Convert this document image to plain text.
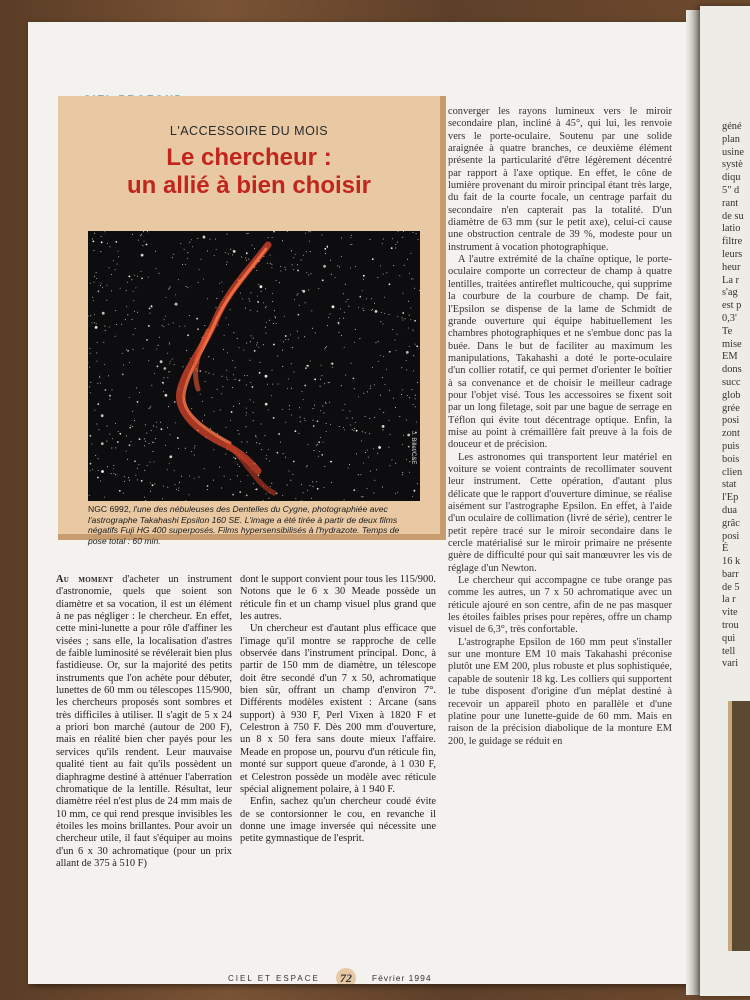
L'ACCESSOIRE DU MOIS
Le chercheur :
un allié à bien choisir
J. Billet/C&E
NGC 6992, l'une des nébuleuses des Dentelles du Cygne, photographiée avec l'astrographe Takahashi Epsilon 160 SE. L'image a été tirée à partir de deux films négatifs Fuji HG 400 superposés. Films hypersensibilisés à l'hydrazote. Temps de pose total : 60 min.

Au moment d'acheter un instrument d'astronomie, quels que soient son diamètre et sa vocation, il est un élément à ne pas négliger : le chercheur. En effet, cette mini-lunette a pour rôle d'affiner les visées ; sans elle, la localisation d'astres de faible luminosité se révélerait bien plus fastidieuse. Or, sur la majorité des petits instruments que l'on achète pour débuter, lunettes de 60 mm ou télescopes 115/900, les chercheurs proposés sont sombres et très difficiles à utiliser. Il s'agit de 5 x 24 a priori bon marché (autour de 200 F), mais en réalité bien cher payés pour les services qu'ils rendent. Leur mauvaise qualité tient au fait qu'ils possèdent un diaphragme destiné à atténuer l'aberration chromatique de la lentille. Résultat, leur diamètre réel n'est plus de 24 mm mais de 10 mm, ce qui rend presque invisibles les étoiles les moins brillantes. Pour avoir un chercheur utile, il faut s'équiper au moins d'un 6 x 30 achromatique (pour un prix allant de 375 à 510 F)

dont le support convient pour tous les 115/900. Notons que le 6 x 30 Meade possède un réticule fin et un champ visuel plus grand que les autres.

Un chercheur est d'autant plus efficace que l'image qu'il montre se rapproche de celle observée dans l'instrument principal. Donc, à partir de 150 mm de diamètre, un télescope doit être secondé d'un 7 x 50, achromatique bien sûr, offrant un champ d'environ 7°. Différents modèles existent : Arcane (sans support) à 930 F, Perl Vixen à 1820 F et Celestron à 750 F. Dès 200 mm d'ouverture, un 8 x 50 fera sans doute mieux l'affaire. Meade en propose un, pourvu d'un réticule fin, monté sur support queue d'aronde, à 1 030 F, et Celestron possède un modèle avec réticule spécial alignement polaire, à 1 940 F.

Enfin, sachez qu'un chercheur coudé évite de se contorsionner le cou, en revanche il donne une image inversée qui nécessite une petite gymnastique de l'esprit.

converger les rayons lumineux vers le miroir secondaire plan, incliné à 45°, qui lui, les renvoie vers le porte-oculaire. Soutenu par une solide araignée à quatre branches, ce deuxième élément présente la particularité d'être légèrement décentré par rapport à l'axe optique. En effet, le cône de lumière provenant du miroir principal étant très large, du fait de la courte focale, un centrage parfait du secondaire n'en capterait pas la totalité. D'un diamètre de 63 mm (sur le petit axe), celui-ci cause une obstruction centrale de 39 %, modeste pour un instrument à vocation photographique.

A l'autre extrémité de la chaîne optique, le porte-oculaire comporte un correcteur de champ à quatre lentilles, traitées antireflet multicouche, qui supprime la courbure de la courbure de champ. De fait, l'Epsilon se dispense de la lame de Schmidt de grande ouverture qui équipe habituellement les chambres photographiques et ne s'embue donc pas la buée. Dans le but de faciliter au maximum les manipulations, Takahashi a doté le porte-oculaire d'un collier rotatif, ce qui permet d'orienter le boîtier à sa convenance et de choisir le meilleur cadrage pour l'objet visé. Tous les accessoires se fixent soit par un long filetage, soit par une bague de serrage en Téflon qui évite tout décentrage optique. Enfin, la mise au point à crémaillère fait preuve à la fois de douceur et de précision.

Les astronomes qui transportent leur matériel en voiture se voient contraints de recollimater souvent leur instrument. Cette opération, d'autant plus délicate que le rapport d'ouverture diminue, se réalise aisément sur l'astrographe Epsilon. En effet, à l'aide d'un oculaire de collimation (livré de série), centrer le petit repère tracé sur le miroir secondaire dans le cercle matérialisé sur le miroir primaire ne présente guère de difficulté pour qui sait manœuvrer les vis de réglage d'un Newton.

Le chercheur qui accompagne ce tube orange pas comme les autres, un 7 x 50 achromatique avec un réticule ajouré en son centre, afin de ne pas masquer les étoiles faibles prises pour repères, offre un champ visuel de 6,3°, très confortable.

L'astrographe Epsilon de 160 mm peut s'installer sur une monture EM 10 mais Takahashi préconise plutôt une EM 200, plus robuste et plus sophistiquée, capable de soutenir 18 kg. Les colliers qui supportent le tube disposent d'origine d'un méplat destiné à recevoir un appareil photo en parallèle et d'une platine pour une lunette-guide de 60 mm. Mais en raison de la précision diabolique de la monture EM 200, le guidage se réduit en

CIEL ET ESPACE	72	Février 1994
géné
plan
usine
systè
diqu
5" d
rant
de su
latio
filtre
leurs
heur
La r
s'ag
est p
0,3'
Te
mise
EM
dons
succ
glob
grée
posi
zont
puis
bois
clien
stat
l'Ep
dua
grâc
posi
É
16 k
barr
de 5
la r
vite
trou
qui
tell
vari
